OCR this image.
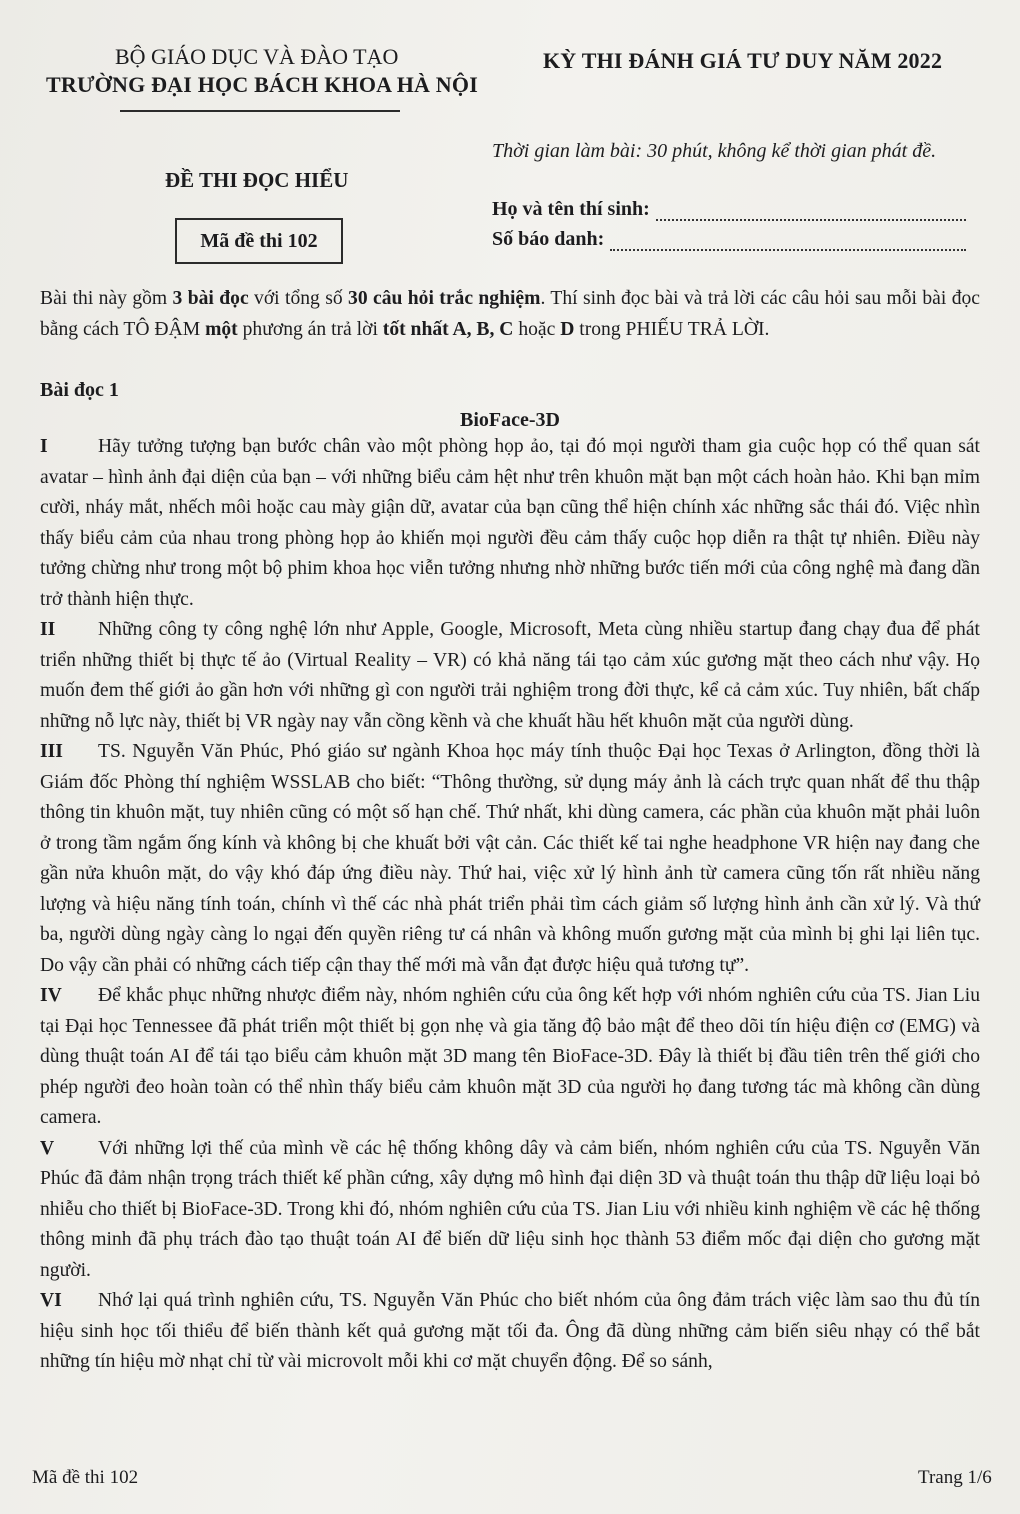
BỘ GIÁO DỤC VÀ ĐÀO TẠO
TRƯỜNG ĐẠI HỌC BÁCH KHOA HÀ NỘI
KỲ THI ĐÁNH GIÁ TƯ DUY NĂM 2022
Thời gian làm bài: 30 phút, không kể thời gian phát đề.
ĐỀ THI ĐỌC HIỂU
Họ và tên thí sinh:
Số báo danh:
Mã đề thi 102

Bài thi này gồm 3 bài đọc với tổng số 30 câu hỏi trắc nghiệm. Thí sinh đọc bài và trả lời các câu hỏi sau mỗi bài đọc bằng cách TÔ ĐẬM một phương án trả lời tốt nhất A, B, C hoặc D trong PHIẾU TRẢ LỜI.

Bài đọc 1
BioFace-3D

I	Hãy tưởng tượng bạn bước chân vào một phòng họp ảo, tại đó mọi người tham gia cuộc họp có thể quan sát avatar – hình ảnh đại diện của bạn – với những biểu cảm hệt như trên khuôn mặt bạn một cách hoàn hảo. Khi bạn mỉm cười, nháy mắt, nhếch môi hoặc cau mày giận dữ, avatar của bạn cũng thể hiện chính xác những sắc thái đó. Việc nhìn thấy biểu cảm của nhau trong phòng họp ảo khiến mọi người đều cảm thấy cuộc họp diễn ra thật tự nhiên. Điều này tưởng chừng như trong một bộ phim khoa học viễn tưởng nhưng nhờ những bước tiến mới của công nghệ mà đang dần trở thành hiện thực.

II Những công ty công nghệ lớn như Apple, Google, Microsoft, Meta cùng nhiều startup đang chạy đua để phát triển những thiết bị thực tế ảo (Virtual Reality – VR) có khả năng tái tạo cảm xúc gương mặt theo cách như vậy. Họ muốn đem thế giới ảo gần hơn với những gì con người trải nghiệm trong đời thực, kể cả cảm xúc. Tuy nhiên, bất chấp những nỗ lực này, thiết bị VR ngày nay vẫn cồng kềnh và che khuất hầu hết khuôn mặt của người dùng.

III TS. Nguyễn Văn Phúc, Phó giáo sư ngành Khoa học máy tính thuộc Đại học Texas ở Arlington, đồng thời là Giám đốc Phòng thí nghiệm WSSLAB cho biết: “Thông thường, sử dụng máy ảnh là cách trực quan nhất để thu thập thông tin khuôn mặt, tuy nhiên cũng có một số hạn chế. Thứ nhất, khi dùng camera, các phần của khuôn mặt phải luôn ở trong tầm ngắm ống kính và không bị che khuất bởi vật cản. Các thiết kế tai nghe headphone VR hiện nay đang che gần nửa khuôn mặt, do vậy khó đáp ứng điều này. Thứ hai, việc xử lý hình ảnh từ camera cũng tốn rất nhiều năng lượng và hiệu năng tính toán, chính vì thế các nhà phát triển phải tìm cách giảm số lượng hình ảnh cần xử lý. Và thứ ba, người dùng ngày càng lo ngại đến quyền riêng tư cá nhân và không muốn gương mặt của mình bị ghi lại liên tục. Do vậy cần phải có những cách tiếp cận thay thế mới mà vẫn đạt được hiệu quả tương tự”.

IV Để khắc phục những nhược điểm này, nhóm nghiên cứu của ông kết hợp với nhóm nghiên cứu của TS. Jian Liu tại Đại học Tennessee đã phát triển một thiết bị gọn nhẹ và gia tăng độ bảo mật để theo dõi tín hiệu điện cơ (EMG) và dùng thuật toán AI để tái tạo biểu cảm khuôn mặt 3D mang tên BioFace-3D. Đây là thiết bị đầu tiên trên thế giới cho phép người đeo hoàn toàn có thể nhìn thấy biểu cảm khuôn mặt 3D của người họ đang tương tác mà không cần dùng camera.

V Với những lợi thế của mình về các hệ thống không dây và cảm biến, nhóm nghiên cứu của TS. Nguyễn Văn Phúc đã đảm nhận trọng trách thiết kế phần cứng, xây dựng mô hình đại diện 3D và thuật toán thu thập dữ liệu loại bỏ nhiễu cho thiết bị BioFace-3D. Trong khi đó, nhóm nghiên cứu của TS. Jian Liu với nhiều kinh nghiệm về các hệ thống thông minh đã phụ trách đào tạo thuật toán AI để biến dữ liệu sinh học thành 53 điểm mốc đại diện cho gương mặt người.

VI Nhớ lại quá trình nghiên cứu, TS. Nguyễn Văn Phúc cho biết nhóm của ông đảm trách việc làm sao thu đủ tín hiệu sinh học tối thiểu để biến thành kết quả gương mặt tối đa. Ông đã dùng những cảm biến siêu nhạy có thể bắt những tín hiệu mờ nhạt chỉ từ vài microvolt mỗi khi cơ mặt chuyển động. Để so sánh,

Mã đề thi 102	Trang 1/6
